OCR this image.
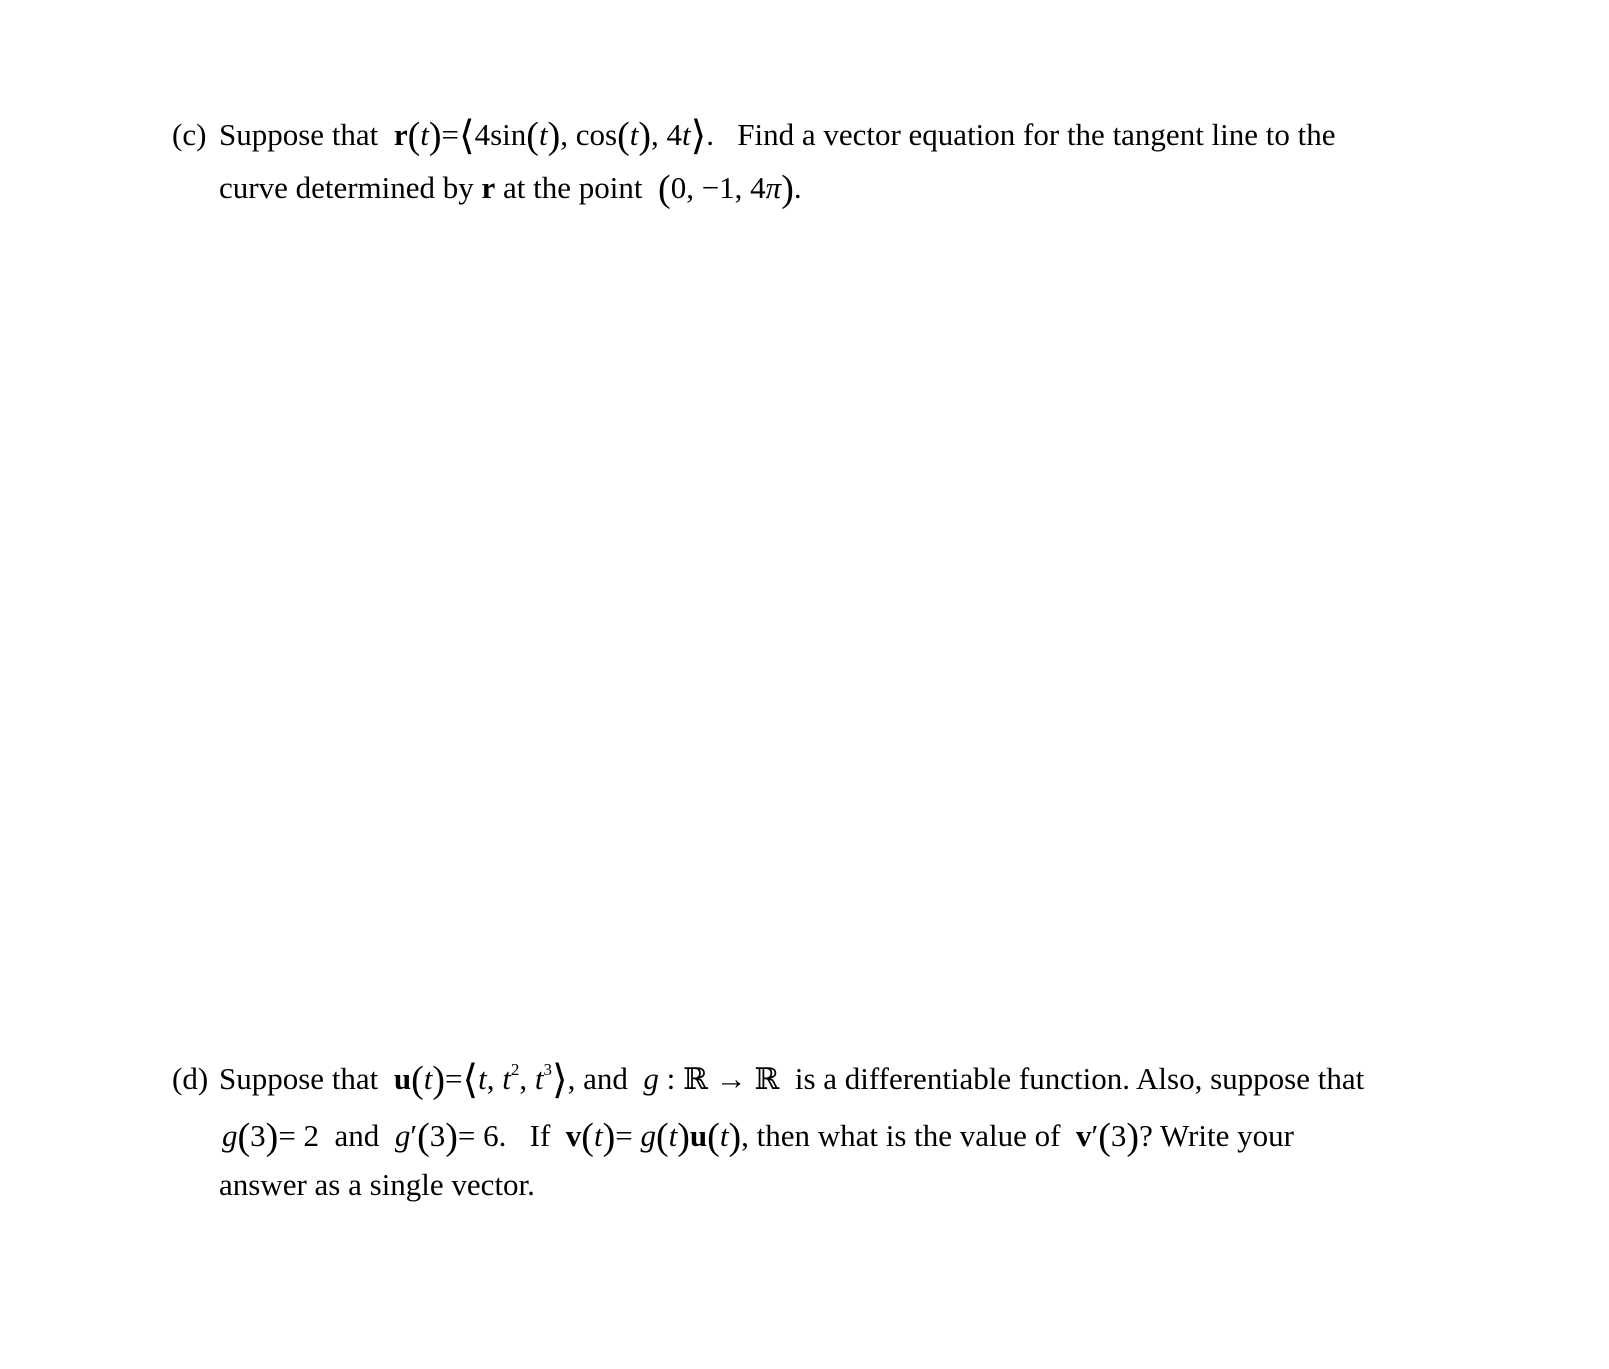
(c) Suppose that r(t)=⟨4sin(t), cos(t), 4t⟩.   Find a vector equation for the tangent line to the
curve determined by r at the point (0, −1, 4π).
(d) Suppose that u(t)=⟨t, $t^2$, $t^3⟩$, and g : ℝ → ℝ is a differentiable function. Also, suppose that
g(3)= 2 and g′(3)= 6.   If v(t)= g(t)u(t), then what is the value of v′(3)? Write your
answer as a single vector.
